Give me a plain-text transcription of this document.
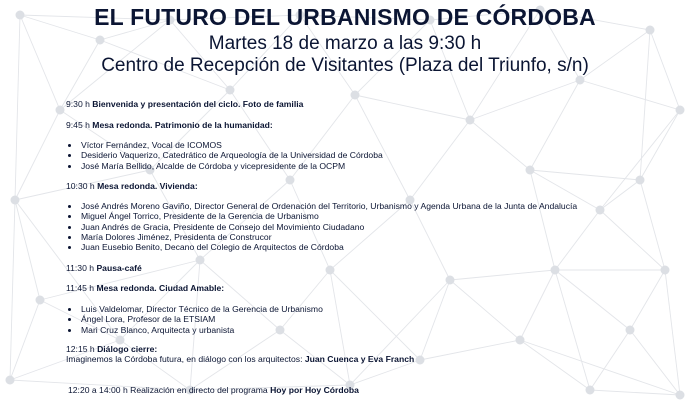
EL FUTURO DEL URBANISMO DE CÓRDOBA
Martes 18 de marzo a las 9:30 h
Centro de Recepción de Visitantes (Plaza del Triunfo, s/n)
9:30 h Bienvenida y presentación del ciclo. Foto de familia
9:45 h Mesa redonda. Patrimonio de la humanidad:
Víctor Fernández, Vocal de ICOMOS
Desiderio Vaquerizo, Catedrático de Arqueología de la Universidad de Córdoba
José María Bellido, Alcalde de Córdoba y vicepresidente de la OCPM
10:30 h Mesa redonda. Vivienda:
José Andrés Moreno Gaviño, Director General de Ordenación del Territorio, Urbanismo y Agenda Urbana de la Junta de Andalucía
Miguel Ángel Torrico, Presidente de la Gerencia de Urbanismo
Juan Andrés de Gracia, Presidente de Consejo del Movimiento Ciudadano
María Dolores Jiménez, Presidenta de Construcor
Juan Eusebio Benito, Decano del Colegio de Arquitectos de Córdoba
11:30 h Pausa-café
11:45 h Mesa redonda. Ciudad Amable:
Luis Valdelomar, Director Técnico de la Gerencia de Urbanismo
Ángel Lora, Profesor de la ETSIAM
Mari Cruz Blanco, Arquitecta y urbanista
12:15 h Diálogo cierre:
Imaginemos la Córdoba futura, en diálogo con los arquitectos: Juan Cuenca y Eva Franch
12:20 a 14:00 h Realización en directo del programa Hoy por Hoy Córdoba
